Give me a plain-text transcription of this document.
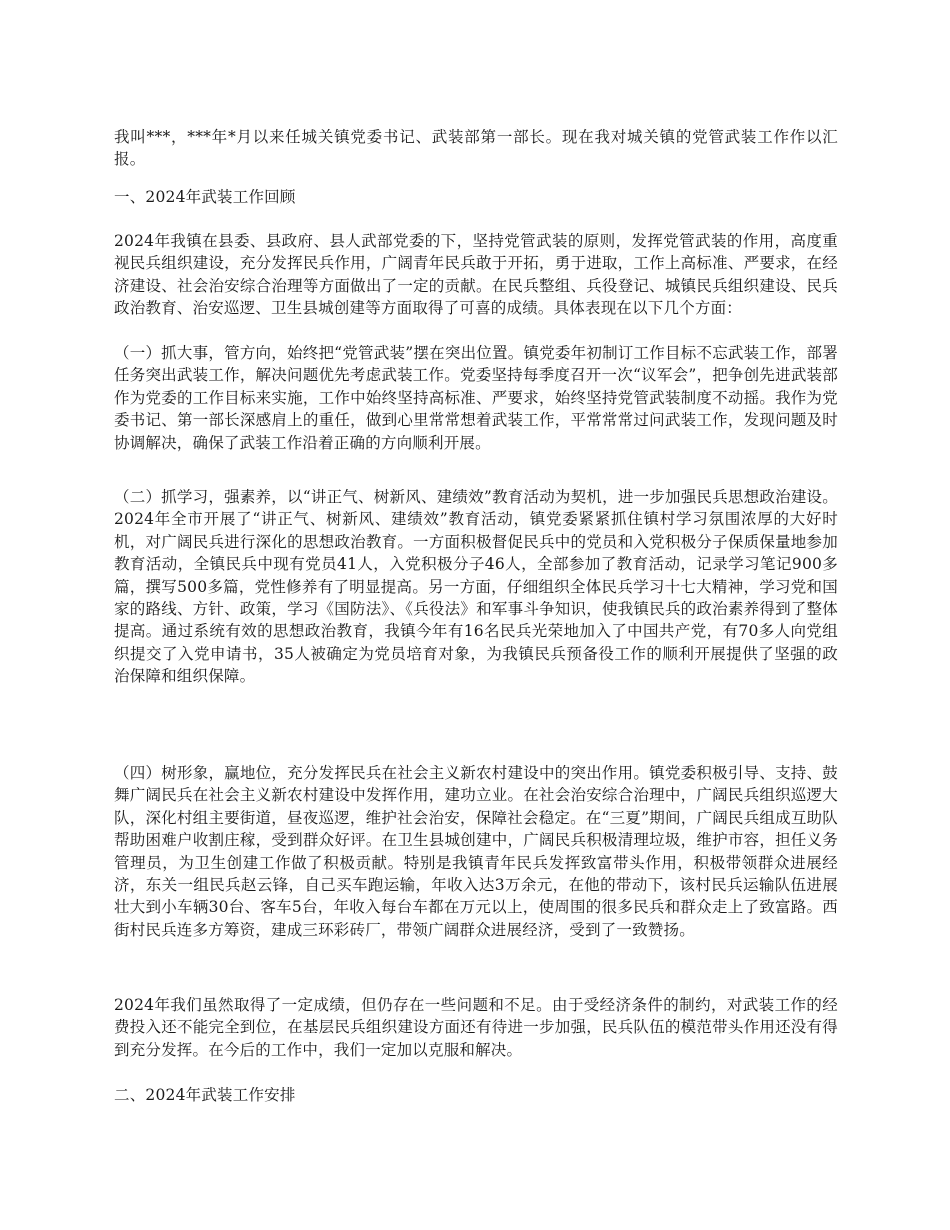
我叫***，***年*月以来任城关镇党委书记、武装部第一部长。现在我对城关镇的党管武装工作作以汇报。

一、2024年武装工作回顾

2024年我镇在县委、县政府、县人武部党委的下，坚持党管武装的原则，发挥党管武装的作用，高度重视民兵组织建设，充分发挥民兵作用，广阔青年民兵敢于开拓，勇于进取，工作上高标准、严要求，在经济建设、社会治安综合治理等方面做出了一定的贡献。在民兵整组、兵役登记、城镇民兵组织建设、民兵政治教育、治安巡逻、卫生县城创建等方面取得了可喜的成绩。具体表现在以下几个方面：

（一）抓大事，管方向，始终把“党管武装”摆在突出位置。镇党委年初制订工作目标不忘武装工作，部署任务突出武装工作，解决问题优先考虑武装工作。党委坚持每季度召开一次“议军会”，把争创先进武装部作为党委的工作目标来实施，工作中始终坚持高标准、严要求，始终坚持党管武装制度不动摇。我作为党委书记、第一部长深感肩上的重任，做到心里常常想着武装工作，平常常常过问武装工作，发现问题及时协调解决，确保了武装工作沿着正确的方向顺利开展。

（二）抓学习，强素养，以“讲正气、树新风、建绩效”教育活动为契机，进一步加强民兵思想政治建设。2024年全市开展了“讲正气、树新风、建绩效”教育活动，镇党委紧紧抓住镇村学习氛围浓厚的大好时机，对广阔民兵进行深化的思想政治教育。一方面积极督促民兵中的党员和入党积极分子保质保量地参加教育活动，全镇民兵中现有党员41人，入党积极分子46人，全部参加了教育活动，记录学习笔记900多篇，撰写500多篇，党性修养有了明显提高。另一方面，仔细组织全体民兵学习十七大精神，学习党和国家的路线、方针、政策，学习《国防法》、《兵役法》和军事斗争知识，使我镇民兵的政治素养得到了整体提高。通过系统有效的思想政治教育，我镇今年有16名民兵光荣地加入了中国共产党，有70多人向党组织提交了入党申请书，35人被确定为党员培育对象，为我镇民兵预备役工作的顺利开展提供了坚强的政治保障和组织保障。

（四）树形象，赢地位，充分发挥民兵在社会主义新农村建设中的突出作用。镇党委积极引导、支持、鼓舞广阔民兵在社会主义新农村建设中发挥作用，建功立业。在社会治安综合治理中，广阔民兵组织巡逻大队，深化村组主要街道，昼夜巡逻，维护社会治安，保障社会稳定。在“三夏”期间，广阔民兵组成互助队帮助困难户收割庄稼，受到群众好评。在卫生县城创建中，广阔民兵积极清理垃圾，维护市容，担任义务管理员，为卫生创建工作做了积极贡献。特别是我镇青年民兵发挥致富带头作用，积极带领群众进展经济，东关一组民兵赵云锋，自己买车跑运输，年收入达3万余元，在他的带动下，该村民兵运输队伍进展壮大到小车辆30台、客车5台，年收入每台车都在万元以上，使周围的很多民兵和群众走上了致富路。西街村民兵连多方筹资，建成三环彩砖厂，带领广阔群众进展经济，受到了一致赞扬。

2024年我们虽然取得了一定成绩，但仍存在一些问题和不足。由于受经济条件的制约，对武装工作的经费投入还不能完全到位，在基层民兵组织建设方面还有待进一步加强，民兵队伍的模范带头作用还没有得到充分发挥。在今后的工作中，我们一定加以克服和解决。

二、2024年武装工作安排
